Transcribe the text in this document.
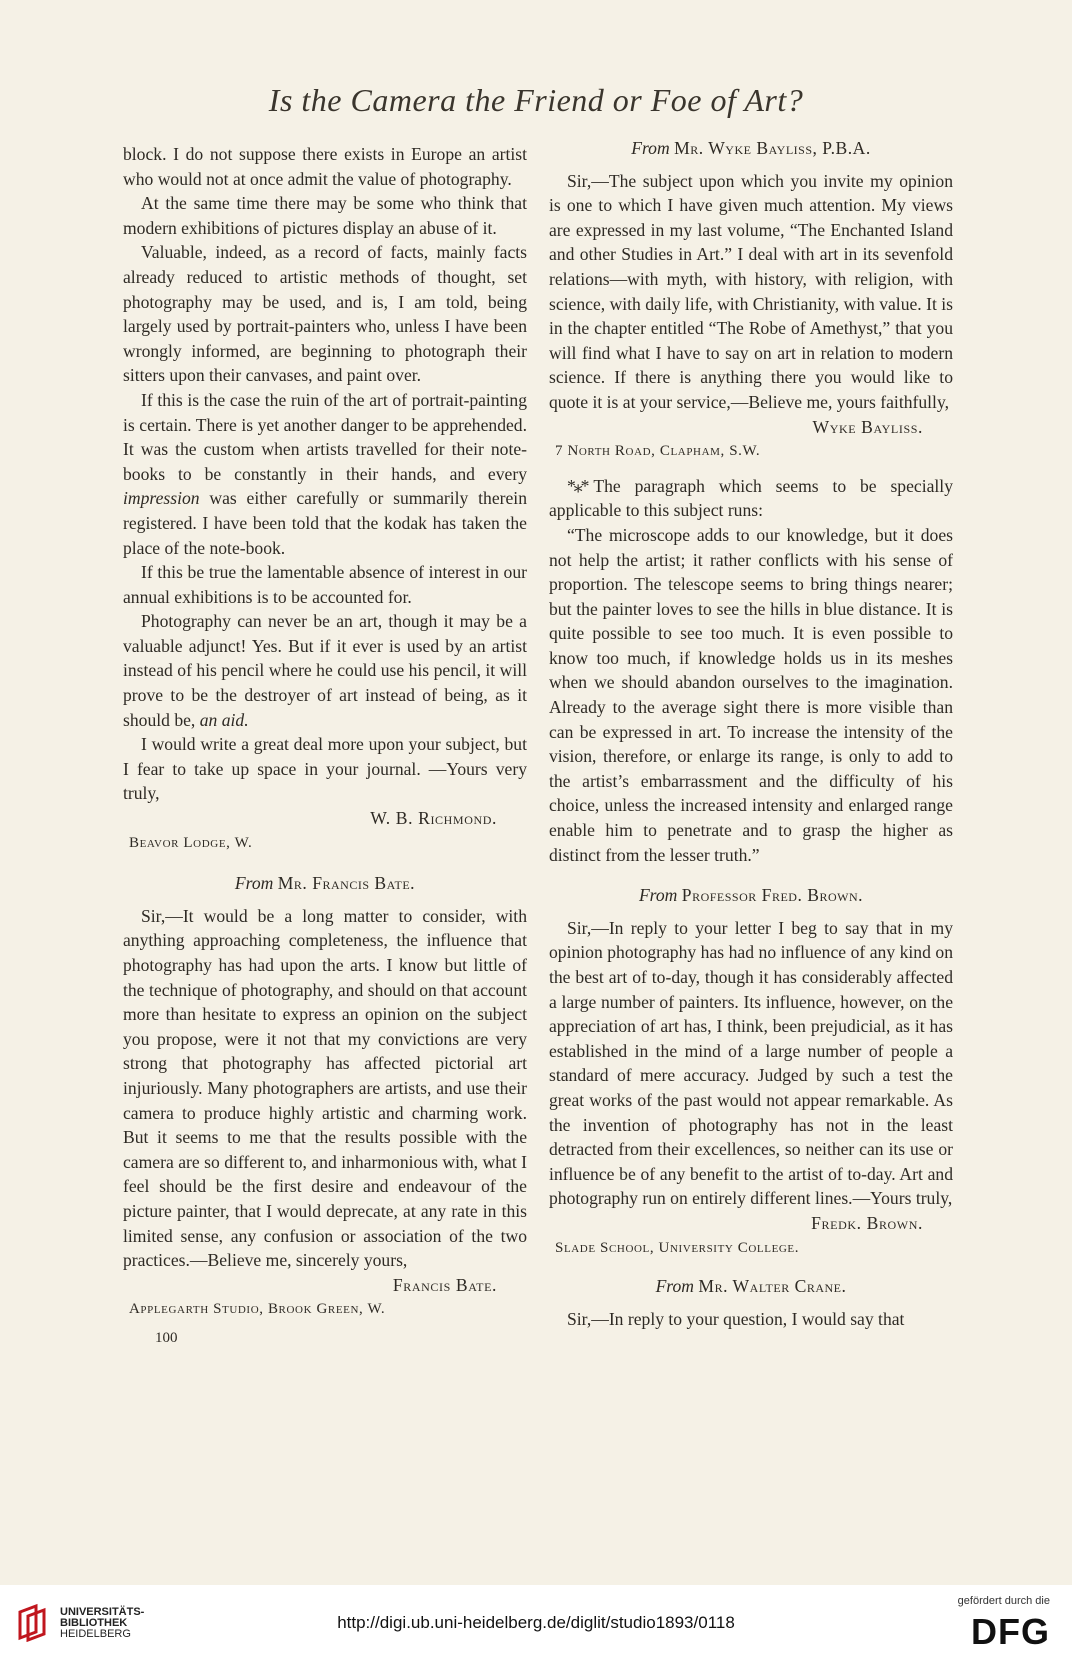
Is the Camera the Friend or Foe of Art?

block. I do not suppose there exists in Europe an artist who would not at once admit the value of photography.

At the same time there may be some who think that modern exhibitions of pictures display an abuse of it.

Valuable, indeed, as a record of facts, mainly facts already reduced to artistic methods of thought, set photography may be used, and is, I am told, being largely used by portrait-painters who, unless I have been wrongly informed, are beginning to photograph their sitters upon their canvases, and paint over.

If this is the case the ruin of the art of portrait-painting is certain. There is yet another danger to be apprehended. It was the custom when artists travelled for their note-books to be constantly in their hands, and every impression was either carefully or summarily therein registered. I have been told that the kodak has taken the place of the note-book.

If this be true the lamentable absence of interest in our annual exhibitions is to be accounted for.

Photography can never be an art, though it may be a valuable adjunct! Yes. But if it ever is used by an artist instead of his pencil where he could use his pencil, it will prove to be the destroyer of art instead of being, as it should be, an aid.

I would write a great deal more upon your subject, but I fear to take up space in your journal. —Yours very truly,

W. B. Richmond.
Beavor Lodge, W.
From Mr. Francis Bate.

Sir,—It would be a long matter to consider, with anything approaching completeness, the influence that photography has had upon the arts. I know but little of the technique of photography, and should on that account more than hesitate to express an opinion on the subject you propose, were it not that my convictions are very strong that photography has affected pictorial art injuriously. Many photographers are artists, and use their camera to produce highly artistic and charming work. But it seems to me that the results possible with the camera are so different to, and inharmonious with, what I feel should be the first desire and endeavour of the picture painter, that I would deprecate, at any rate in this limited sense, any confusion or association of the two practices.—Believe me, sincerely yours,

Francis Bate.
Applegarth Studio, Brook Green, W.
100
From Mr. Wyke Bayliss, P.B.A.

Sir,—The subject upon which you invite my opinion is one to which I have given much attention. My views are expressed in my last volume, “The Enchanted Island and other Studies in Art.” I deal with art in its sevenfold relations—with myth, with history, with religion, with science, with daily life, with Christianity, with value. It is in the chapter entitled “The Robe of Amethyst,” that you will find what I have to say on art in relation to modern science. If there is anything there you would like to quote it is at your service,—Believe me, yours faithfully,

Wyke Bayliss.
7 North Road, Clapham, S.W.

*⁎* The paragraph which seems to be specially applicable to this subject runs:

“The microscope adds to our knowledge, but it does not help the artist; it rather conflicts with his sense of proportion. The telescope seems to bring things nearer; but the painter loves to see the hills in blue distance. It is quite possible to see too much. It is even possible to know too much, if knowledge holds us in its meshes when we should abandon ourselves to the imagination. Already to the average sight there is more visible than can be expressed in art. To increase the intensity of the vision, therefore, or enlarge its range, is only to add to the artist’s embarrassment and the difficulty of his choice, unless the increased intensity and enlarged range enable him to penetrate and to grasp the higher as distinct from the lesser truth.”

From Professor Fred. Brown.

Sir,—In reply to your letter I beg to say that in my opinion photography has had no influence of any kind on the best art of to-day, though it has considerably affected a large number of painters. Its influence, however, on the appreciation of art has, I think, been prejudicial, as it has established in the mind of a large number of people a standard of mere accuracy. Judged by such a test the great works of the past would not appear remarkable. As the invention of photography has not in the least detracted from their excellences, so neither can its use or influence be of any benefit to the artist of to-day. Art and photography run on entirely different lines.—Yours truly,

Fredk. Brown.
Slade School, University College.
From Mr. Walter Crane.

Sir,—In reply to your question, I would say that

UNIVERSITÄTS-
BIBLIOTHEK
HEIDELBERG
http://digi.ub.uni-heidelberg.de/diglit/studio1893/0118
gefördert durch die
DFG
